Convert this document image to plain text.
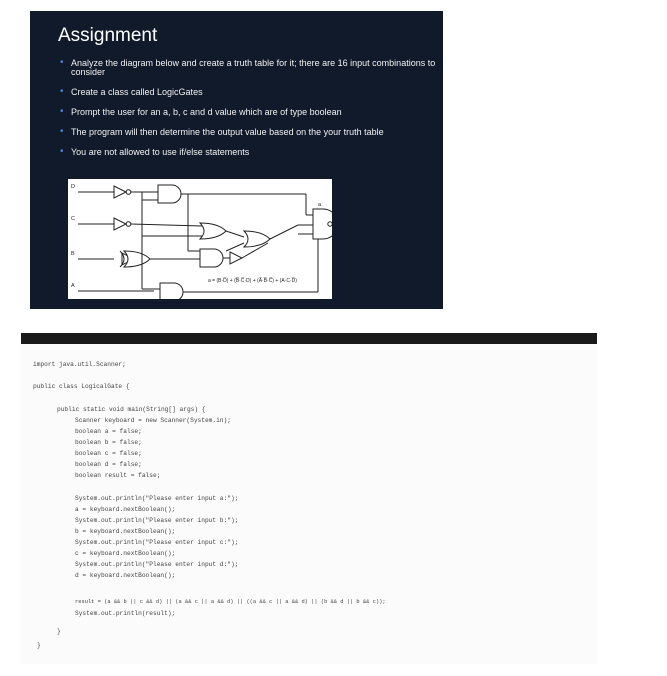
Assignment
• Analyze the diagram below and create a truth table for it; there are 16 input combinations to consider
• Create a class called LogicGates
• Prompt the user for an a, b, c and d value which are of type boolean
• The program will then determine the output value based on the your truth table
• You are not allowed to use if/else statements
D
C
B
A
a
a = (B·D̅) + (B̅·C̅·D) + (A̅·B̅·C̅) + (A·C·D̅)
import java.util.Scanner;
public class LogicalGate {
public static void main(String[] args) {
Scanner keyboard = new Scanner(System.in);
boolean a = false;
boolean b = false;
boolean c = false;
boolean d = false;
boolean result = false;
System.out.println("Please enter input a:");
a = keyboard.nextBoolean();
System.out.println("Please enter input b:");
b = keyboard.nextBoolean();
System.out.println("Please enter input c:");
c = keyboard.nextBoolean();
System.out.println("Please enter input d:");
d = keyboard.nextBoolean();
result = (a && b || c && d) || (a && c || a && d) || ((a && c || a && d) || (b && d || b && c));
System.out.println(result);
}
}
